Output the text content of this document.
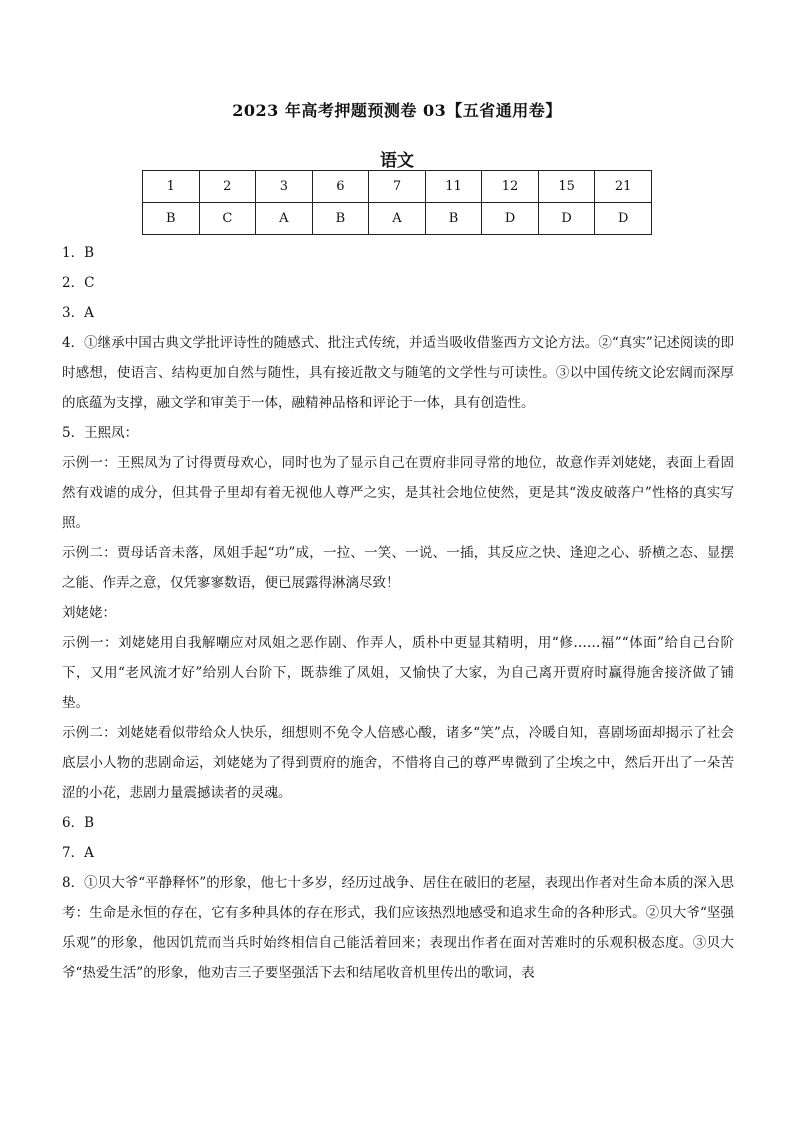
2023 年高考押题预测卷 03【五省通用卷】
语文
1	2	3	6	7	11	12	15	21
B	C	A	B	A	B	D	D	D

1．B

2．C

3．A

4．①继承中国古典文学批评诗性的随感式、批注式传统，并适当吸收借鉴西方文论方法。②“真实”记述阅读的即时感想，使语言、结构更加自然与随性，具有接近散文与随笔的文学性与可读性。③以中国传统文论宏阔而深厚的底蕴为支撑，融文学和审美于一体，融精神品格和评论于一体，具有创造性。

5．王熙凤：

示例一：王熙凤为了讨得贾母欢心，同时也为了显示自己在贾府非同寻常的地位，故意作弄刘姥姥，表面上看固然有戏谑的成分，但其骨子里却有着无视他人尊严之实，是其社会地位使然，更是其“泼皮破落户”性格的真实写照。

示例二：贾母话音未落，凤姐手起“功”成，一拉、一笑、一说、一插，其反应之快、逢迎之心、骄横之态、显摆之能、作弄之意，仅凭寥寥数语，便已展露得淋漓尽致！

刘姥姥：

示例一：刘姥姥用自我解嘲应对凤姐之恶作剧、作弄人，质朴中更显其精明，用“修……福”“体面”给自己台阶下，又用“老风流才好”给别人台阶下，既恭维了凤姐，又愉快了大家，为自己离开贾府时赢得施舍接济做了铺垫。

示例二：刘姥姥看似带给众人快乐，细想则不免令人倍感心酸，诸多“笑”点，冷暖自知，喜剧场面却揭示了社会底层小人物的悲剧命运，刘姥姥为了得到贾府的施舍，不惜将自己的尊严卑微到了尘埃之中，然后开出了一朵苦涩的小花，悲剧力量震撼读者的灵魂。

6．B

7．A

8．①贝大爷“平静释怀”的形象，他七十多岁，经历过战争、居住在破旧的老屋，表现出作者对生命本质的深入思考：生命是永恒的存在，它有多种具体的存在形式，我们应该热烈地感受和追求生命的各种形式。②贝大爷“坚强乐观”的形象，他因饥荒而当兵时始终相信自己能活着回来；表现出作者在面对苦难时的乐观积极态度。③贝大爷“热爱生活”的形象，他劝吉三子要坚强活下去和结尾收音机里传出的歌词，表
